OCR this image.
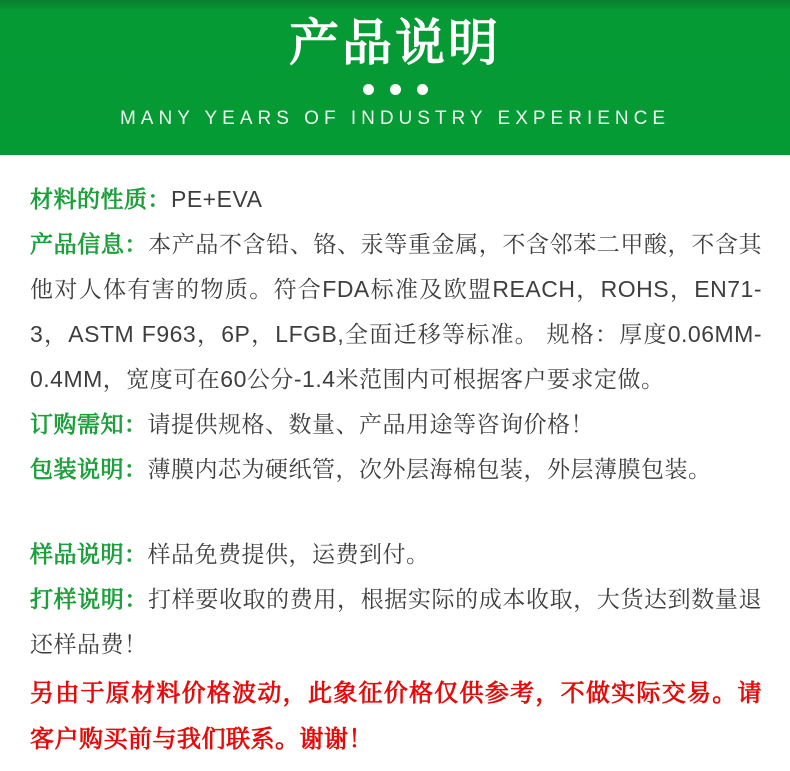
产品说明
MANY YEARS OF INDUSTRY EXPERIENCE

材料的性质：PE+EVA

产品信息：本产品不含铅、铬、汞等重金属，不含邻苯二甲酸，不含其他对人体有害的物质。符合FDA标准及欧盟REACH，ROHS，EN71-3，ASTM F963，6P，LFGB,全面迁移等标准。 规格：厚度0.06MM-0.4MM，宽度可在60公分-1.4米范围内可根据客户要求定做。

订购需知：请提供规格、数量、产品用途等咨询价格！

包装说明：薄膜内芯为硬纸管，次外层海棉包装，外层薄膜包装。

样品说明：样品免费提供，运费到付。

打样说明：打样要收取的费用，根据实际的成本收取，大货达到数量退还样品费！

另由于原材料价格波动，此象征价格仅供参考，不做实际交易。请客户购买前与我们联系。谢谢！
